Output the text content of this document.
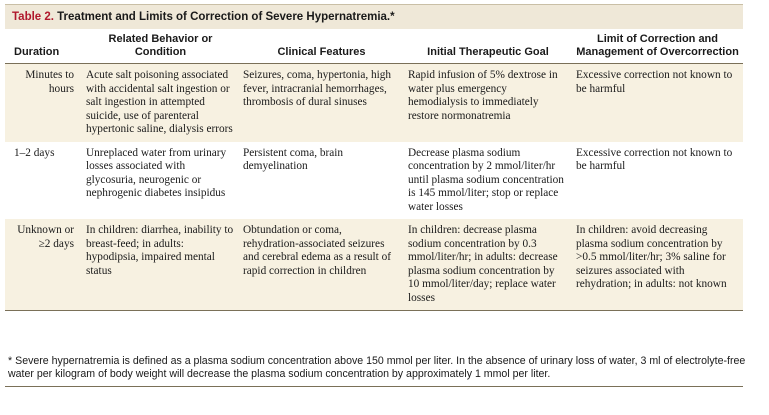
Table 2. Treatment and Limits of Correction of Severe Hypernatremia.*
Duration	Related Behavior or Condition	Clinical Features	Initial Therapeutic Goal	Limit of Correction and Management of Overcorrection
Minutes to hours	Acute salt poisoning associated with accidental salt ingestion or salt ingestion in attempted suicide, use of parenteral hypertonic saline, dialysis errors	Seizures, coma, hypertonia, high fever, intracranial hemorrhages, thrombosis of dural sinuses	Rapid infusion of 5% dextrose in water plus emergency hemodialysis to immediately restore normonatremia	Excessive correction not known to be harmful
1–2 days	Unreplaced water from urinary losses associated with glycosuria, neurogenic or nephrogenic diabetes insipidus	Persistent coma, brain demyelination	Decrease plasma sodium concentration by 2 mmol/liter/hr until plasma sodium concentration is 145 mmol/liter; stop or replace water losses	Excessive correction not known to be harmful
Unknown or ≥2 days	In children: diarrhea, inability to breast-feed; in adults: hypodipsia, impaired mental status	Obtundation or coma, rehydration-associated seizures and cerebral edema as a result of rapid correction in children	In children: decrease plasma sodium concentration by 0.3 mmol/liter/hr; in adults: decrease plasma sodium concentration by 10 mmol/liter/day; replace water losses	In children: avoid decreasing plasma sodium concentration by >0.5 mmol/liter/hr; 3% saline for seizures associated with rehydration; in adults: not known
* Severe hypernatremia is defined as a plasma sodium concentration above 150 mmol per liter. In the absence of urinary loss of water, 3 ml of electrolyte-free water per kilogram of body weight will decrease the plasma sodium concentration by approximately 1 mmol per liter.
